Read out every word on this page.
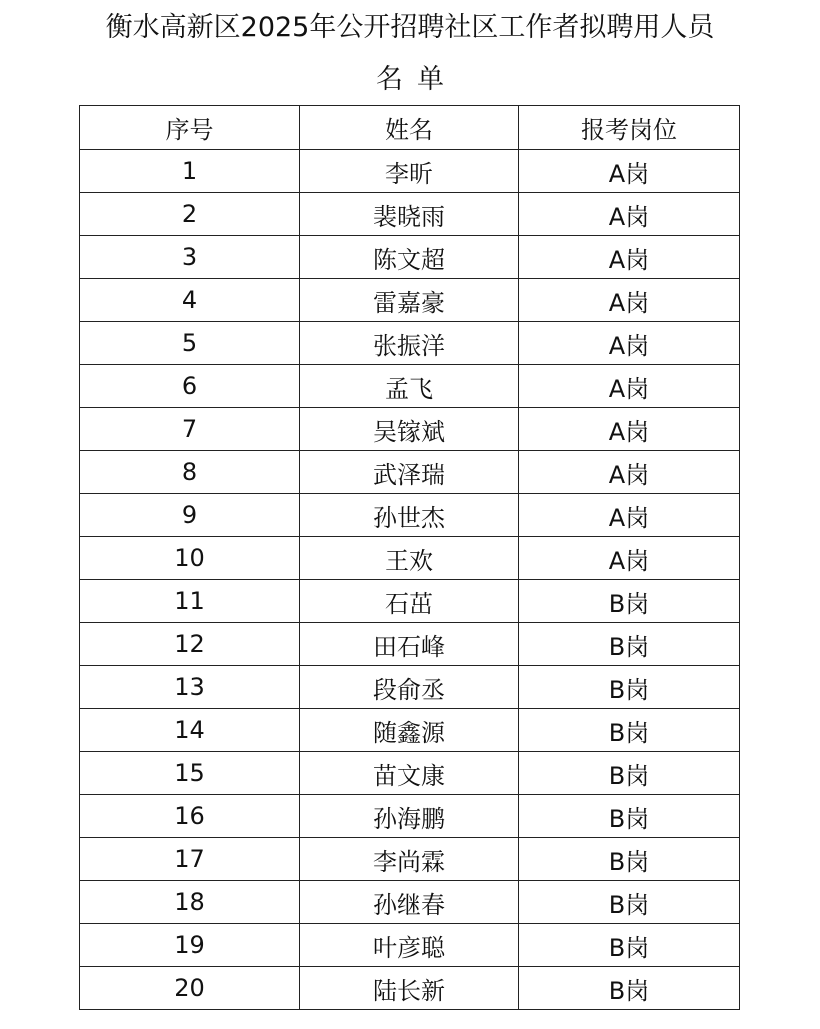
衡水高新区2025年公开招聘社区工作者拟聘用人员
名单
序号	姓名	报考岗位
1	李昕	A岗
2	裴晓雨	A岗
3	陈文超	A岗
4	雷嘉豪	A岗
5	张振洋	A岗
6	孟飞	A岗
7	吴镓斌	A岗
8	武泽瑞	A岗
9	孙世杰	A岗
10	王欢	A岗
11	石茁	B岗
12	田石峰	B岗
13	段俞丞	B岗
14	随鑫源	B岗
15	苗文康	B岗
16	孙海鹏	B岗
17	李尚霖	B岗
18	孙继春	B岗
19	叶彦聪	B岗
20	陆长新	B岗
